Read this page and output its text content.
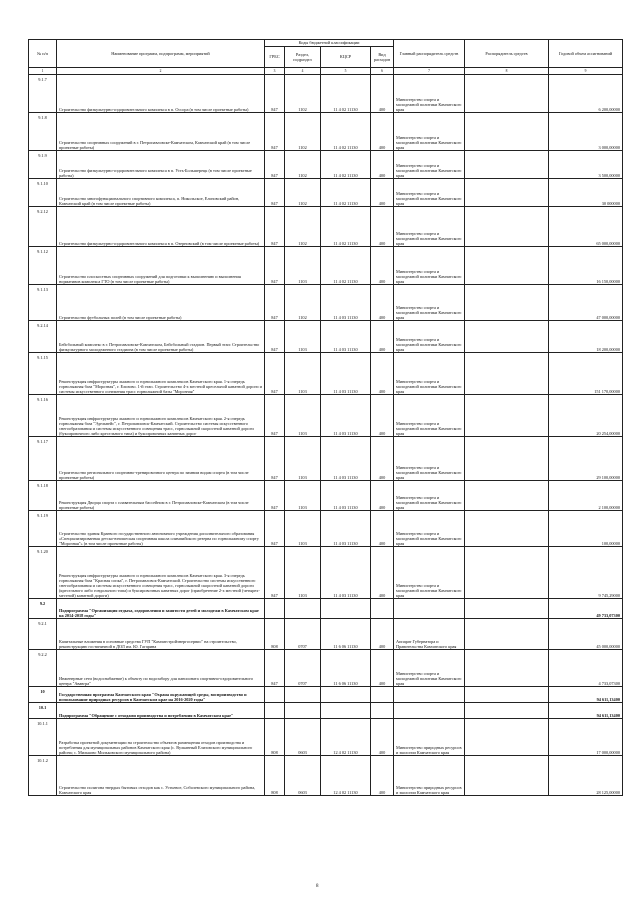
№ п/п	Наименование программ, подпрограмм, мероприятий	Коды бюджетной классификации				Главный распорядитель средств	Распорядитель средств	Годовой объем ассигнований
		ГРБС	Раздел, подраздел	КЦСР	Вид расходов			
1	2	3	4	5	6	7	8	9
9.1.7	Строительство физкультурно-оздоровительного комплекса в п. Оссора (в том числе проектные работы)	847	1102	11 4 02 11130	400	Министерство спорта и молодежной политики Камчатского края		6 200,00000
9.1.8	Строительство спортивных сооружений в г. Петропавловске-Камчатском, Камчатский край (в том числе проектные работы)	847	1102	11 4 02 11130	400	Министерство спорта и молодежной политики Камчатского края		3 000,00000
9.1.9	Строительство физкультурно-оздоровительного комплекса в п. Усть-Большерецк (в том числе проектные работы)	847	1102	11 4 02 11130	400	Министерство спорта и молодежной политики Камчатского края		3 500,00000
9.1.10	Строительство многофункционального спортивного комплекса, п. Никольское, Елизовский район, Камчатский край (в том числе проектные работы)	847	1102	11 4 02 11130	400	Министерство спорта и молодежной политики Камчатского края		30 000000
9.2.12	Строительство физкультурно-оздоровительного комплекса в п. Озерновский (в том числе проектные работы)	847	1102	11 4 02 11130	400	Министерство спорта и молодежной политики Камчатского края		65 000,00000
9.1.12	Строительство плоскостных спортивных сооружений для подготовки к выполнению и выполнения нормативов комплекса ГТО (в том числе проектные работы)	847	1103	11 4 02 11130	400	Министерство спорта и молодежной политики Камчатского края		16 150,00000
9.1.13	Строительство футбольных полей (в том числе проектные работы)	847	1102	11 4 03 11130	400	Министерство спорта и молодежной политики Камчатского края		47 000,00000
9.2.14	Бейсбольный комплекс в г. Петропавловске-Камчатском, Бейсбольный стадион. Первый этап: Строительство физкультурного молодежнного стадиона (в том числе проектные работы)	847	1103	11 4 03 11130	400	Министерство спорта и молодежной политики Камчатского края		18 200,00000
9.1.15	Реконструкция инфраструктуры лыжного и горнолыжного комплексов Камчатского края. 1-я очередь горнолыжная база "Морозная", г. Елизово. 1-й этап. Строительство 4-х местной кресельной канатной дороги и системы искусственного оснежения трасс горнолыжной базы "Морозная"	847	1103	11 4 03 11130	400	Министерство спорта и молодежной политики Камчатского края		151 170,00000
9.1.16	Реконструкция инфраструктуры лыжного и горнолыжного комплексов Камчатского края. 2-я очередь горнолыжная база "Эдельвейс", г. Петропавловск-Камчатский. Строительство системы искусственного снегообразования и системы искусственного освещения трасс, горнолыжной скоростной канатной дороги (буксировочного либо кресельного типа) и буксировочных канатных дорог	847	1103	11 4 03 11130	400	Министерство спорта и молодежной политики Камчатского края		20 254,00000
9.1.17	Строительство регионального спортивно-тренировочного центра по зимним видам спорта (в том числе проектные работы)	847	1103	11 4 03 11130	400	Министерство спорта и молодежной политики Камчатского края		29 100,00000
9.1.18	Реконструкция Дворца спорта с плавательным бассейном в г. Петропавловске-Камчатском (в том числе проектные работы)	847	1103	11 4 03 11130	400	Министерство спорта и молодежной политики Камчатского края		2 100,00000
9.1.19	Строительство здания Краевого государственного автономного учреждения дополнительного образования «Специализированная детско-юношеская спортивная школа олимпийского резерва по горнолыжному спорту "Морозная"» (в том числе проектные работы)	847	1103	11 4 03 11130	400	Министерство спорта и молодежной политики Камчатского края		100,00000
9.1.20	Реконструкция инфраструктуры лыжного и горнолыжного комплексов Камчатского края. 3-я очередь горнолыжная база "Красная сопка", г. Петропавловск-Камчатский. Строительство системы искусственного снегообразования и системы искусственного освещения трасс, горнолыжной скоростной канатной дороги (кресельного либо гондольного типа) и буксировочных канатных дорог (приобретение 2-х местной (четырех-местной) канатной дороги)	847	1103	11 4 03 11130	400	Министерство спорта и молодежной политики Камчатского края		9 745,29000
9.2	Подпрограмма "Организация отдыха, оздоровления и занятости детей и молодежи в Камчатском крае на 2014-2018 годы"							49 733,07300
9.2.1	Капитальные вложения в основные средства ГУП "Камчатстройэнергосервис" на строительство, реконструкцию гостиничной в ДОЛ им. Ю. Гагарина	808	0707	11 6 06 11130	400	Аппарат Губернатора и Правительства Камчатского края		45 000,00000
9.2.2	Инженерные сети (водоснабжение) к объекту по водозабору для пансионата спортивно-оздоровительного центра "Ававгра"	847	0707	11 6 06 11130	400	Министерство спорта и молодежной политики Камчатского края		4 733,07300
10	Государственная программа Камчатского края "Охрана окружающей среды, воспроизводство и использование природных ресурсов в Камчатском крае на 2016-2020 годы"							94 611,13400
10.1	Подпрограмма "Обращение с отходами производства и потребления в Камчатском крае"							94 611,13400
10.1.1	Разработка проектной документации на строительство объектов размещения отходов производства и потребления для муниципальных районов Камчатского края (с. Вулканный Елизовского муниципального района; с. Мильково Мильковского муниципального района)	808	0603	12 4 02 11130	400	Министерство природных ресурсов и экологии Камчатского края		17 000,00000
10.1.2	Строительство полигона твердых бытовых отходов как с. Устьевое, Соболевского муниципального района, Камчатского края	808	0603	12 4 02 11130	400	Министерство природных ресурсов и экологии Камчатского края		28 125,00000
8
